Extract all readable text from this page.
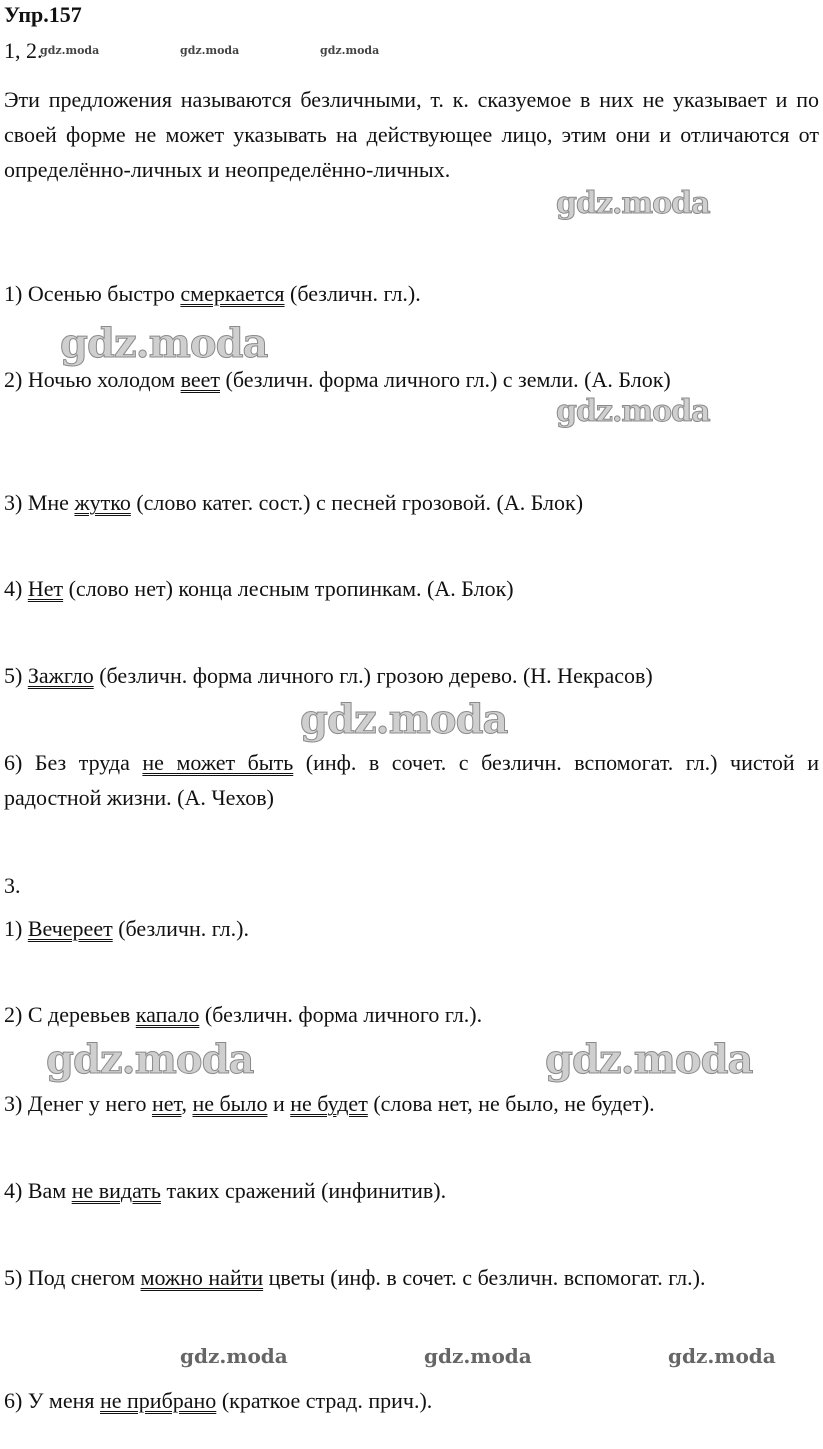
Упр.157
1, 2.
Эти предложения называются безличными, т. к. сказуемое в них не указывает и по своей форме не может указывать на действующее лицо, этим они и отличаются от определённо-личных и неопределённо-личных.
1) Осенью быстро смеркается (безличн. гл.).
2) Ночью холодом веет (безличн. форма личного гл.) с земли. (А. Блок)
3) Мне жутко (слово катег. сост.) с песней грозовой. (А. Блок)
4) Нет (слово нет) конца лесным тропинкам. (А. Блок)
5) Зажгло (безличн. форма личного гл.) грозою дерево. (Н. Некрасов)
6) Без труда не может быть (инф. в сочет. с безличн. вспомогат. гл.) чистой и радостной жизни. (А. Чехов)
3.
1) Вечереет (безличн. гл.).
2) С деревьев капало (безличн. форма личного гл.).
3) Денег у него нет, не было и не будет (слова нет, не было, не будет).
4) Вам не видать таких сражений (инфинитив).
5) Под снегом можно найти цветы (инф. в сочет. с безличн. вспомогат. гл.).
6) У меня не прибрано (краткое страд. прич.).
gdz.moda	gdz.moda	gdz.moda
gdz.moda
gdz.moda
gdz.moda
gdz.moda
gdz.moda	gdz.moda
gdz.moda	gdz.moda	gdz.moda
